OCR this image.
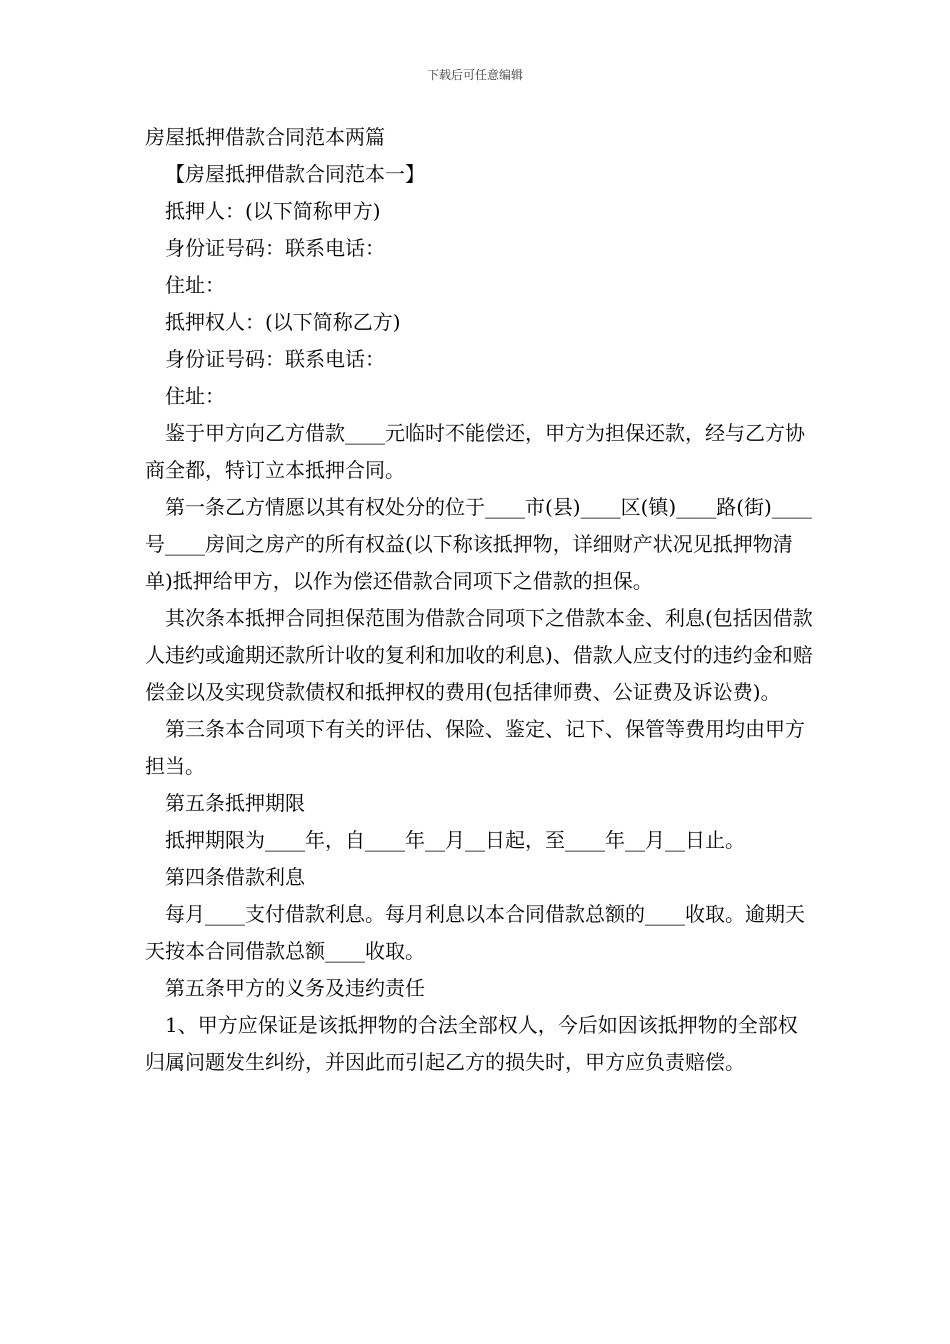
下载后可任意编辑

房屋抵押借款合同范本两篇

【房屋抵押借款合同范本一】

抵押人：(以下简称甲方)

身份证号码：联系电话：

住址：

抵押权人：(以下简称乙方)

身份证号码：联系电话：

住址：

鉴于甲方向乙方借款____元临时不能偿还，甲方为担保还款，经与乙方协商全都，特订立本抵押合同。

第一条乙方情愿以其有权处分的位于____市(县)____区(镇)____路(街)____号____房间之房产的所有权益(以下称该抵押物，详细财产状况见抵押物清单)抵押给甲方，以作为偿还借款合同项下之借款的担保。

其次条本抵押合同担保范围为借款合同项下之借款本金、利息(包括因借款人违约或逾期还款所计收的复利和加收的利息)、借款人应支付的违约金和赔偿金以及实现贷款债权和抵押权的费用(包括律师费、公证费及诉讼费)。

第三条本合同项下有关的评估、保险、鉴定、记下、保管等费用均由甲方担当。

第五条抵押期限

抵押期限为____年，自____年__月__日起，至____年__月__日止。

第四条借款利息

每月____支付借款利息。每月利息以本合同借款总额的____收取。逾期天天按本合同借款总额____收取。

第五条甲方的义务及违约责任

1、甲方应保证是该抵押物的合法全部权人，今后如因该抵押物的全部权归属问题发生纠纷，并因此而引起乙方的损失时，甲方应负责赔偿。
